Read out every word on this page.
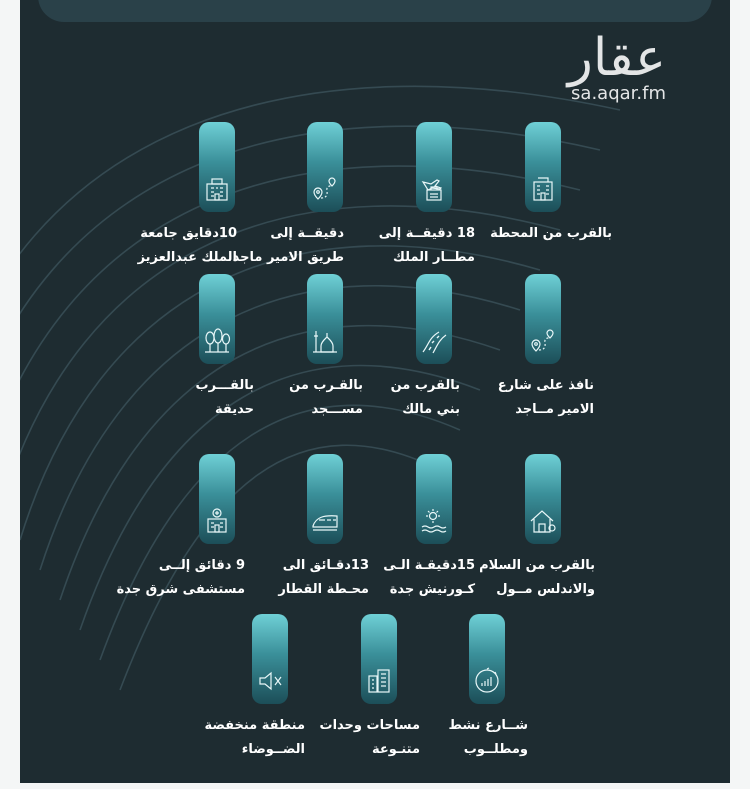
عقار
sa.aqar.fm
10دقايق جامعة
الملك عبدالعزيز
دقيقــة إلى
طريق الامير ماجد
18 دقيقــة إلى
مطــار الملك
بالقرب من المحطة
بالقـــرب
حديقة
بالقـرب من
مســـجد
بالقرب من
بني مالك
نافذ على شارع
الامير مــاجد
9 دقائق إلــى
مستشفى شرق جدة
13دقـائق الى
محـطة القطار
15دقيقـة الـى
كـورنيش جدة
بالقرب من السلام
والاندلس مــول
منطقة منخفضة
الضــوضاء
مساحات وحدات
متنـوعة
شــارع نشط
ومطلــوب
